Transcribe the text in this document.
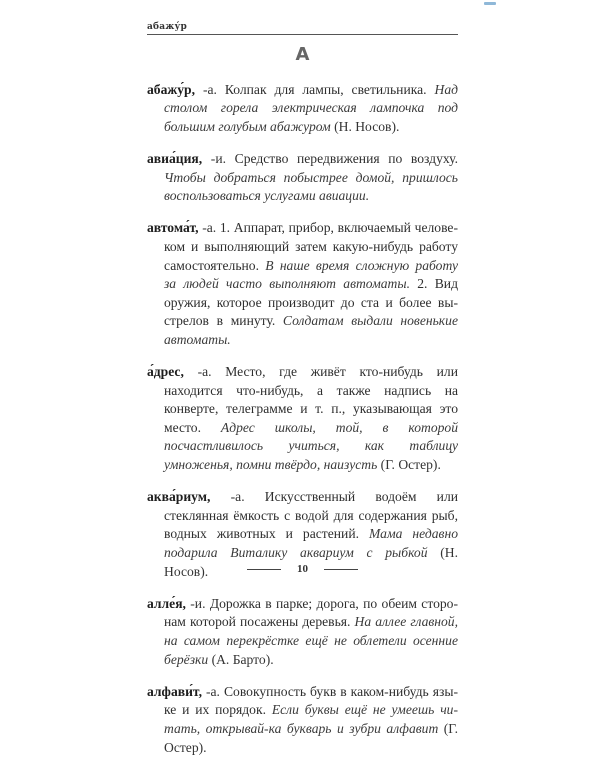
абажу́р
А

абажу́р, -а. Колпак для лампы, светильника. Над столом горела электрическая лампочка под большим голубым абажуром (Н. Носов).

авиа́ция, -и. Средство передвижения по воздуху. Чтобы добраться побыстрее домой, пришлось воспользоваться услугами авиации.

автома́т, -а. 1. Аппарат, прибор, включаемый человеком и выполняющий затем какую-нибудь работу самостоятельно. В наше время сложную работу за людей часто выполняют автоматы. 2. Вид оружия, которое производит до ста и более выстрелов в минуту. Солдатам выдали новенькие автоматы.

а́дрес, -а. Место, где живёт кто-нибудь или находится что-нибудь, а также надпись на конверте, телеграмме и т. п., указывающая это место. Адрес школы, той, в которой посчастливилось учиться, как таблицу умноженья, помни твёрдо, наизусть (Г. Остер).

аква́риум, -а. Искусственный водоём или стеклянная ёмкость с водой для содержания рыб, водных животных и растений. Мама недавно подарила Виталику аквариум с рыбкой (Н. Носов).

алле́я, -и. Дорожка в парке; дорога, по обеим сторонам которой посажены деревья. На аллее главной, на самом перекрёстке ещё не облетели осенние берёзки (А. Барто).

алфави́т, -а. Совокупность букв в каком-нибудь языке и их порядок. Если буквы ещё не умеешь читать, открывай-ка букварь и зубри алфавит (Г. Остер).

10
